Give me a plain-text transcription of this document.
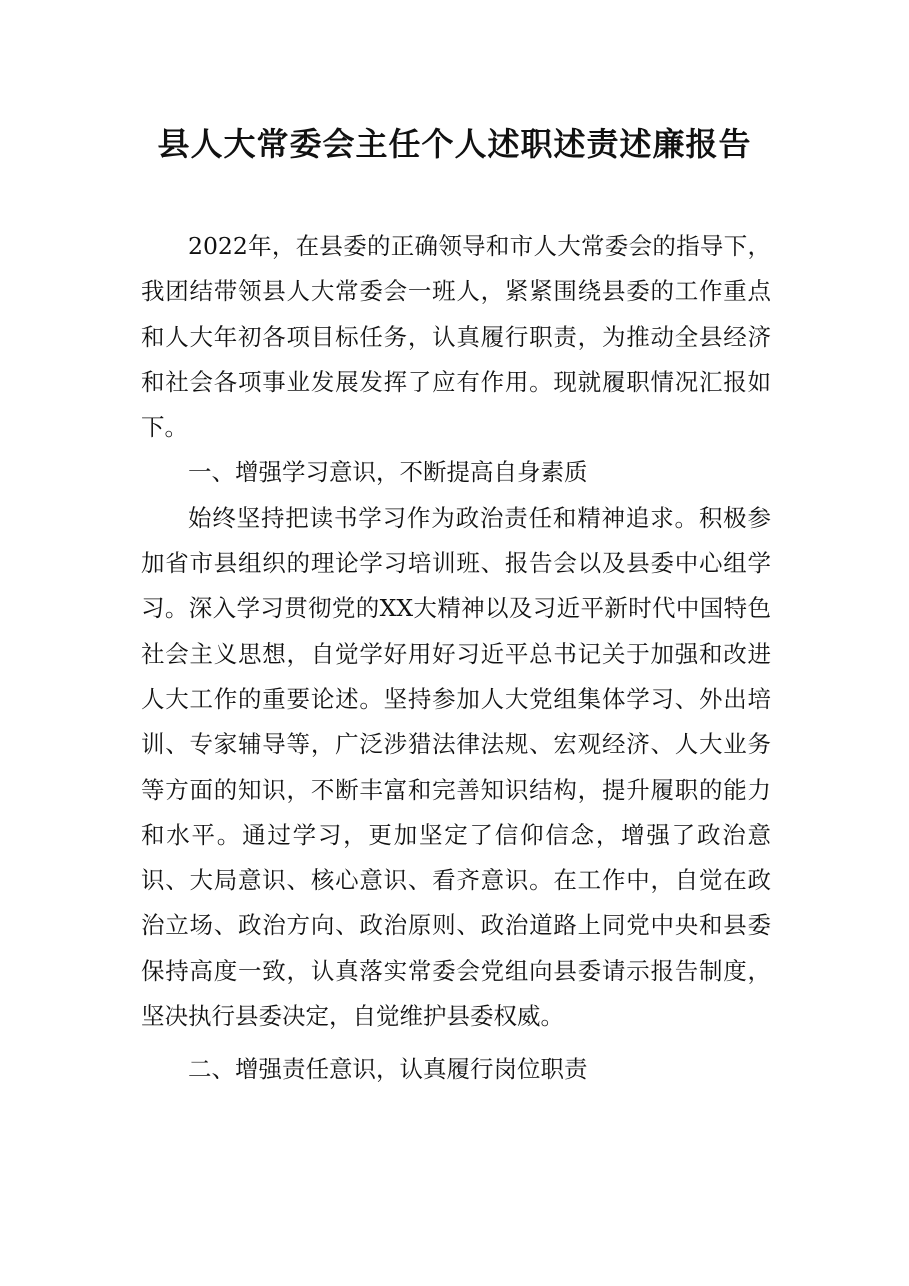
县人大常委会主任个人述职述责述廉报告

2022年，在县委的正确领导和市人大常委会的指导下，我团结带领县人大常委会一班人，紧紧围绕县委的工作重点和人大年初各项目标任务，认真履行职责，为推动全县经济和社会各项事业发展发挥了应有作用。现就履职情况汇报如下。

一、增强学习意识，不断提高自身素质

始终坚持把读书学习作为政治责任和精神追求。积极参加省市县组织的理论学习培训班、报告会以及县委中心组学习。深入学习贯彻党的XX大精神以及习近平新时代中国特色社会主义思想，自觉学好用好习近平总书记关于加强和改进人大工作的重要论述。坚持参加人大党组集体学习、外出培训、专家辅导等，广泛涉猎法律法规、宏观经济、人大业务等方面的知识，不断丰富和完善知识结构，提升履职的能力和水平。通过学习，更加坚定了信仰信念，增强了政治意识、大局意识、核心意识、看齐意识。在工作中，自觉在政治立场、政治方向、政治原则、政治道路上同党中央和县委保持高度一致，认真落实常委会党组向县委请示报告制度，坚决执行县委决定，自觉维护县委权威。

二、增强责任意识，认真履行岗位职责
